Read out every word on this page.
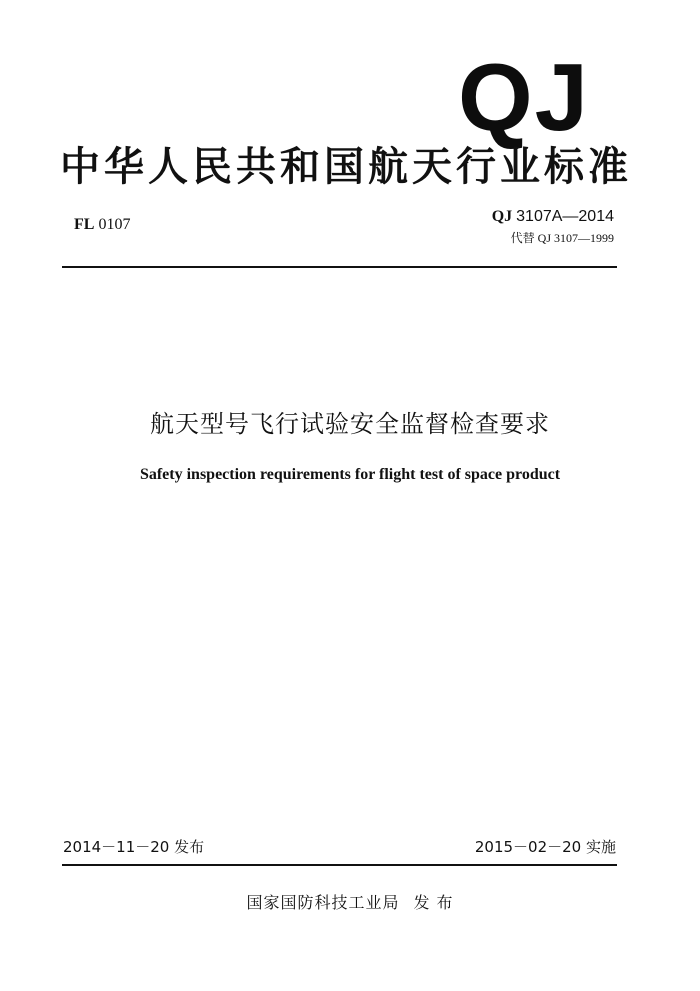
QJ
中华人民共和国航天行业标准
FL 0107	QJ 3107A—2014
代替 QJ 3107—1999
航天型号飞行试验安全监督检查要求
Safety inspection requirements for flight test of space product
2014－11－20 发布	2015－02－20 实施
国家国防科技工业局 发 布
